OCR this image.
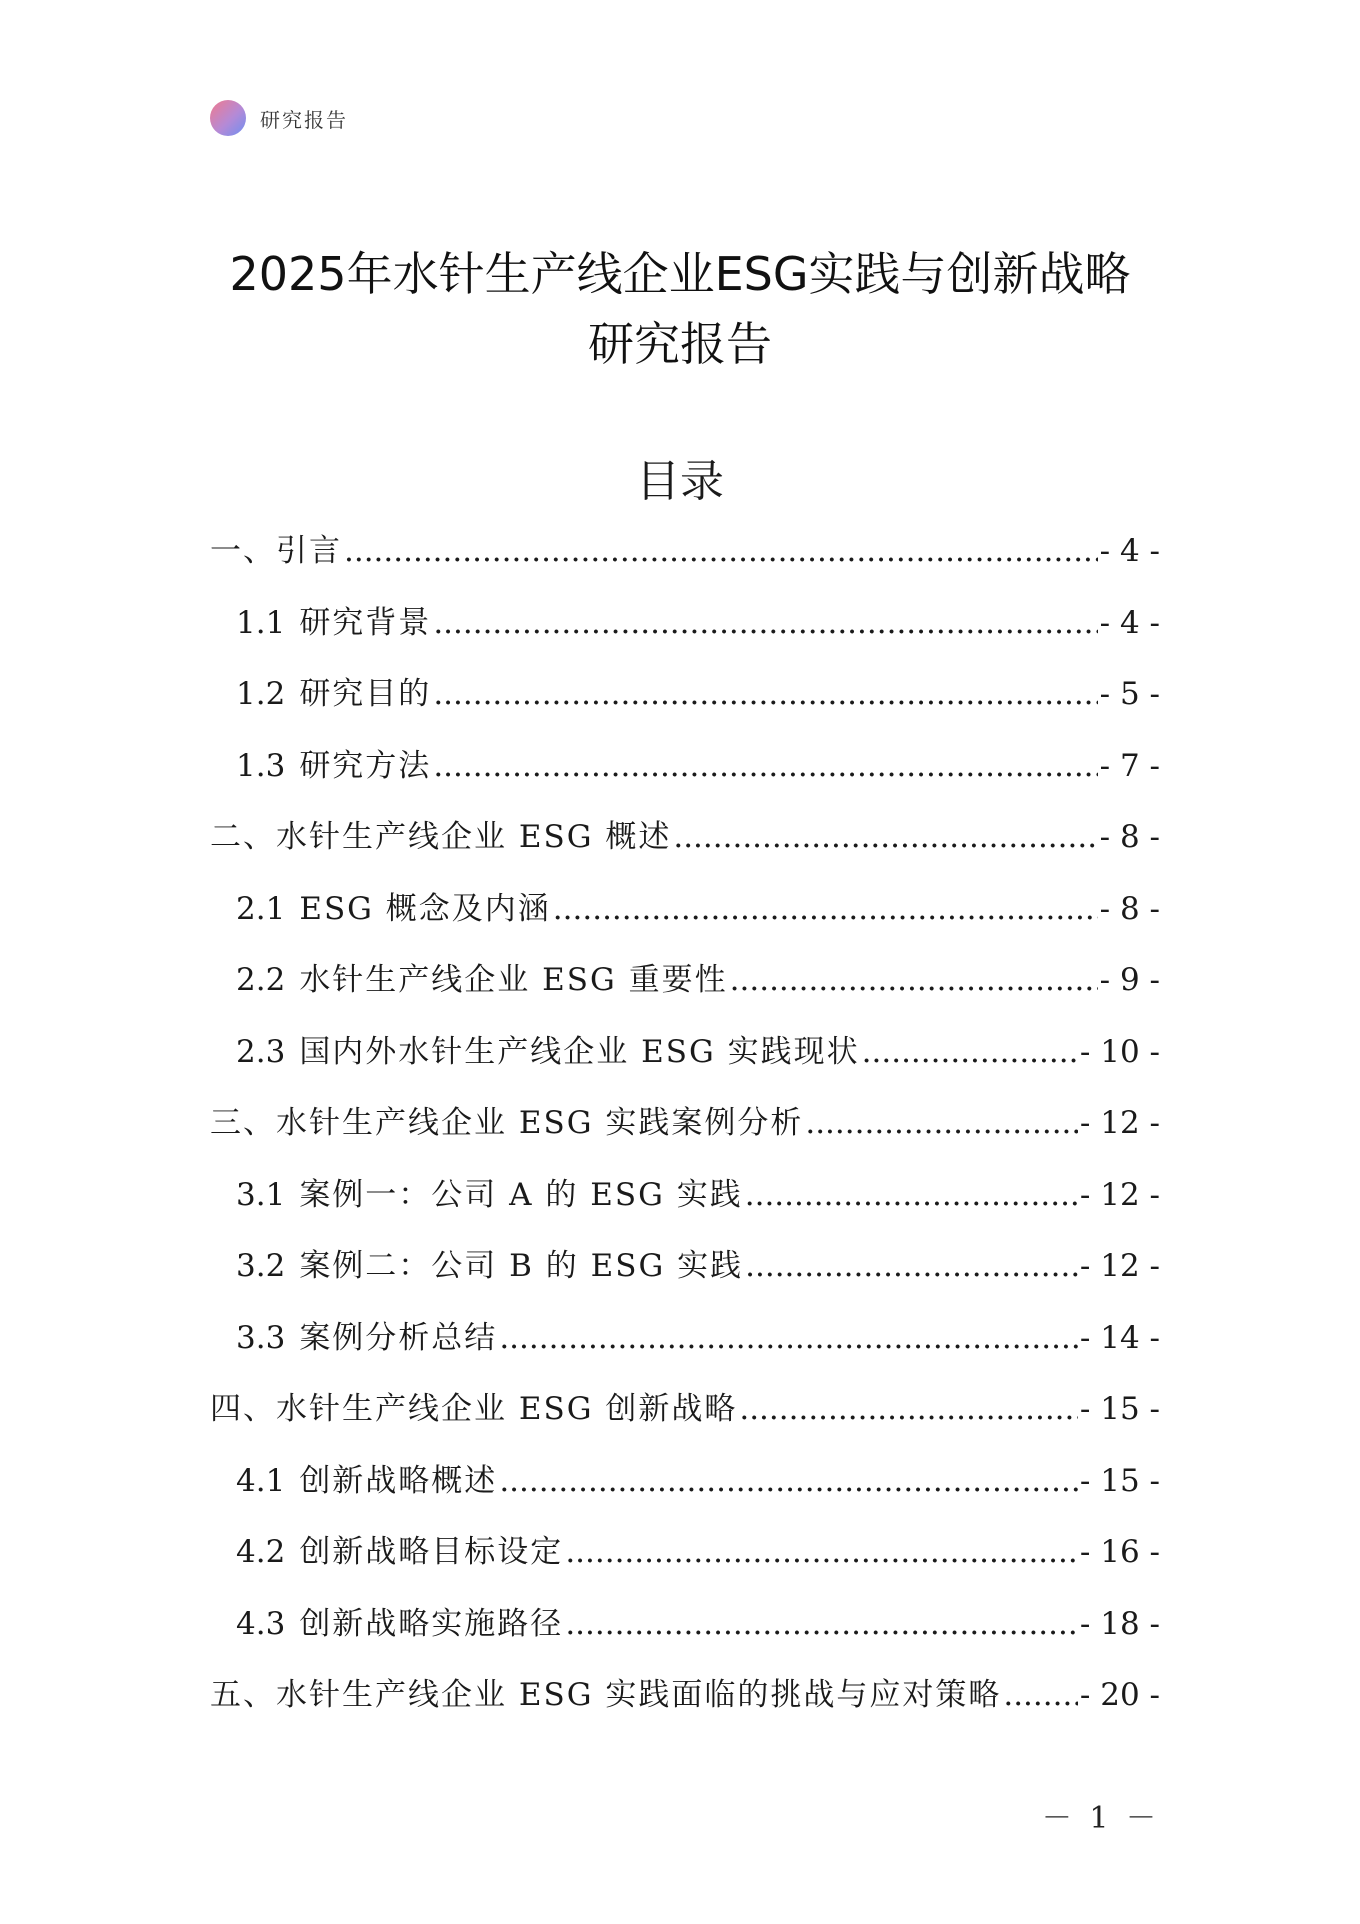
研究报告
2025年水针生产线企业ESG实践与创新战略
研究报告
目录
一、引言 .....	- 4 -
1.1 研究背景 .....	- 4 -
1.2 研究目的 .....	- 5 -
1.3 研究方法 .....	- 7 -
二、水针生产线企业 ESG 概述 .....	- 8 -
2.1 ESG 概念及内涵 .....	- 8 -
2.2 水针生产线企业 ESG 重要性 .....	- 9 -
2.3 国内外水针生产线企业 ESG 实践现状 .....	- 10 -
三、水针生产线企业 ESG 实践案例分析 .....	- 12 -
3.1 案例一：公司 A 的 ESG 实践 .....	- 12 -
3.2 案例二：公司 B 的 ESG 实践 .....	- 12 -
3.3 案例分析总结 .....	- 14 -
四、水针生产线企业 ESG 创新战略 .....	- 15 -
4.1 创新战略概述 .....	- 15 -
4.2 创新战略目标设定 .....	- 16 -
4.3 创新战略实施路径 .....	- 18 -
五、水针生产线企业 ESG 实践面临的挑战与应对策略 .....	- 20 -
－ 1 －
